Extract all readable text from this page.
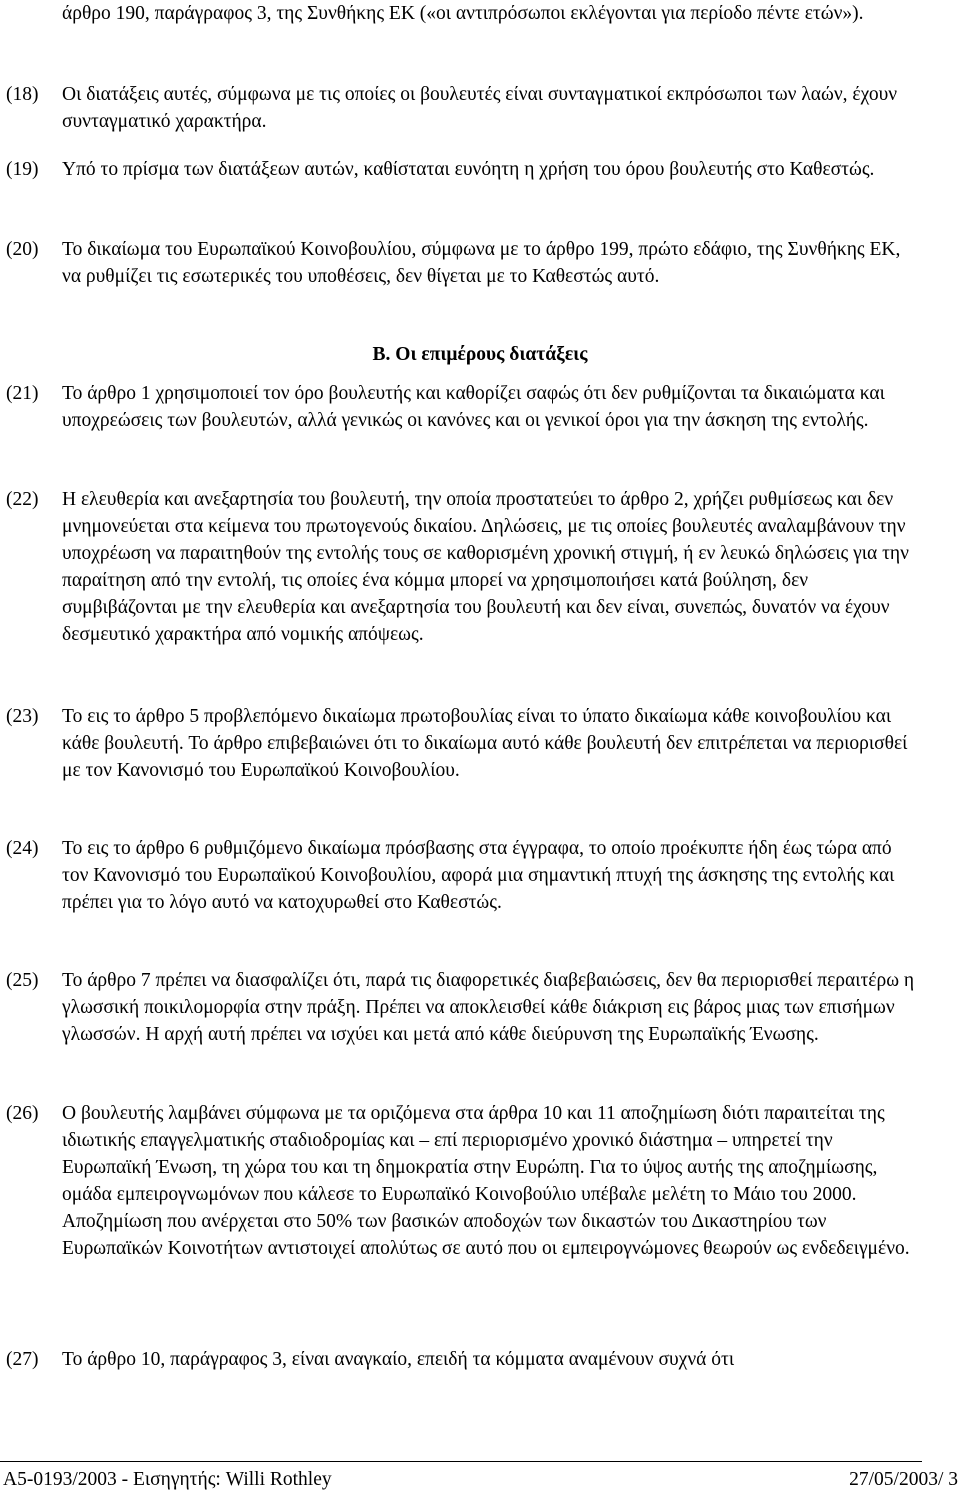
άρθρο 190, παράγραφος 3, της Συνθήκης ΕΚ («οι αντιπρόσωποι εκλέγονται για περίοδο πέντε ετών»).
(18)	Οι διατάξεις αυτές, σύμφωνα με τις οποίες οι βουλευτές είναι συνταγματικοί εκπρόσωποι των λαών, έχουν συνταγματικό χαρακτήρα.
(19)	Υπό το πρίσμα των διατάξεων αυτών, καθίσταται ευνόητη η χρήση του όρου βουλευτής στο Καθεστώς.
(20)	Το δικαίωμα του Ευρωπαϊκού Κοινοβουλίου, σύμφωνα με το άρθρο 199, πρώτο εδάφιο, της Συνθήκης ΕΚ, να ρυθμίζει τις εσωτερικές του υποθέσεις, δεν θίγεται με το Καθεστώς αυτό.
B. Οι επιμέρους διατάξεις
(21)	Το άρθρο 1 χρησιμοποιεί τον όρο βουλευτής και καθορίζει σαφώς ότι δεν ρυθμίζονται τα δικαιώματα και υποχρεώσεις των βουλευτών, αλλά γενικώς οι κανόνες και οι γενικοί όροι για την άσκηση της εντολής.
(22)	Η ελευθερία και ανεξαρτησία του βουλευτή, την οποία προστατεύει το άρθρο 2, χρήζει ρυθμίσεως και δεν μνημονεύεται στα κείμενα του πρωτογενούς δικαίου. Δηλώσεις, με τις οποίες βουλευτές αναλαμβάνουν την υποχρέωση να παραιτηθούν της εντολής τους σε καθορισμένη χρονική στιγμή, ή εν λευκώ δηλώσεις για την παραίτηση από την εντολή, τις οποίες ένα κόμμα μπορεί να χρησιμοποιήσει κατά βούληση, δεν συμβιβάζονται με την ελευθερία και ανεξαρτησία του βουλευτή και δεν είναι, συνεπώς, δυνατόν να έχουν δεσμευτικό χαρακτήρα από νομικής απόψεως.
(23)	Το εις το άρθρο 5 προβλεπόμενο δικαίωμα πρωτοβουλίας είναι το ύπατο δικαίωμα κάθε κοινοβουλίου και κάθε βουλευτή. Το άρθρο επιβεβαιώνει ότι το δικαίωμα αυτό κάθε βουλευτή δεν επιτρέπεται να περιορισθεί με τον Κανονισμό του Ευρωπαϊκού Κοινοβουλίου.
(24)	Το εις το άρθρο 6 ρυθμιζόμενο δικαίωμα πρόσβασης στα έγγραφα, το οποίο προέκυπτε ήδη έως τώρα από τον Κανονισμό του Ευρωπαϊκού Κοινοβουλίου, αφορά μια σημαντική πτυχή της άσκησης της εντολής και πρέπει για το λόγο αυτό να κατοχυρωθεί στο Καθεστώς.
(25)	Το άρθρο 7 πρέπει να διασφαλίζει ότι, παρά τις διαφορετικές διαβεβαιώσεις, δεν θα περιορισθεί περαιτέρω η γλωσσική ποικιλομορφία στην πράξη. Πρέπει να αποκλεισθεί κάθε διάκριση εις βάρος μιας των επισήμων γλωσσών. Η αρχή αυτή πρέπει να ισχύει και μετά από κάθε διεύρυνση της Ευρωπαϊκής Ένωσης.
(26)	Ο βουλευτής λαμβάνει σύμφωνα με τα οριζόμενα στα άρθρα 10 και 11 αποζημίωση διότι παραιτείται της ιδιωτικής επαγγελματικής σταδιοδρομίας και – επί περιορισμένο χρονικό διάστημα – υπηρετεί την Ευρωπαϊκή Ένωση, τη χώρα του και τη δημοκρατία στην Ευρώπη. Για το ύψος αυτής της αποζημίωσης, ομάδα εμπειρογνωμόνων που κάλεσε το Ευρωπαϊκό Κοινοβούλιο υπέβαλε μελέτη το Μάιο του 2000. Αποζημίωση που ανέρχεται στο 50% των βασικών αποδοχών των δικαστών του Δικαστηρίου των Ευρωπαϊκών Κοινοτήτων αντιστοιχεί απολύτως σε αυτό που οι εμπειρογνώμονες θεωρούν ως ενδεδειγμένο.
(27)	Το άρθρο 10, παράγραφος 3, είναι αναγκαίο, επειδή τα κόμματα αναμένουν συχνά ότι
A5-0193/2003 - Εισηγητής: Willi Rothley	27/05/2003/ 3
